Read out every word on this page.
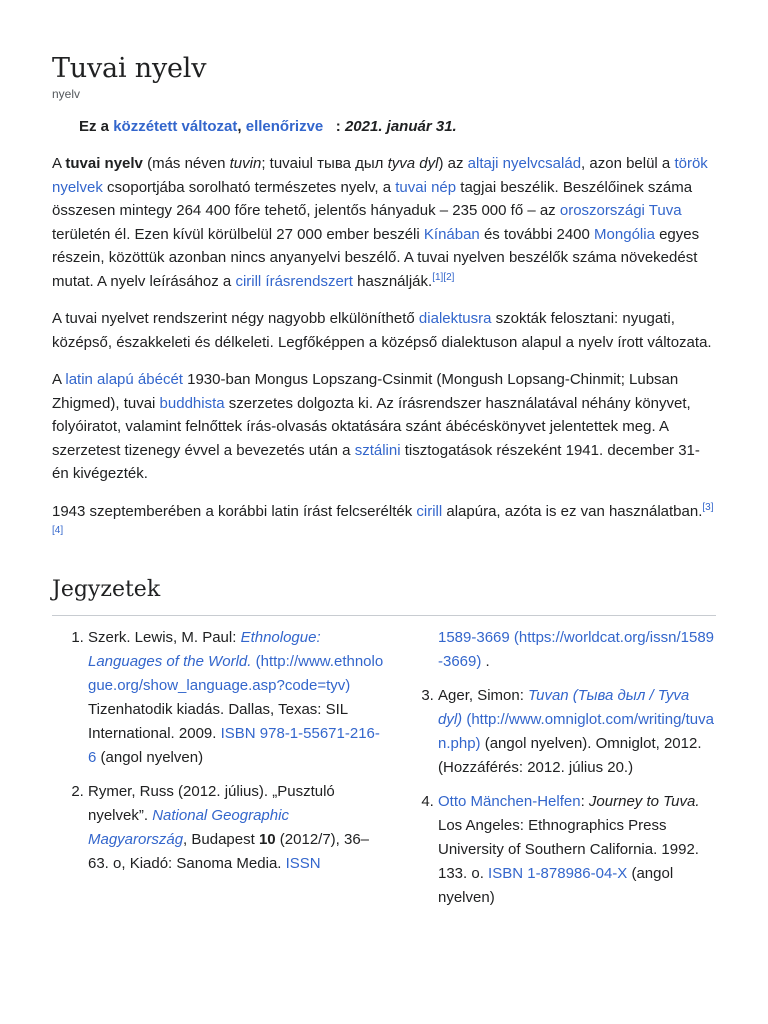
Tuvai nyelv
nyelv
Ez a közzétett változat, ellenőrizve : 2021. január 31.

A tuvai nyelv (más néven tuvin; tuvaiul тыва дыл tyva dyl) az altaji nyelvcsalád, azon belül a török nyelvek csoportjába sorolható természetes nyelv, a tuvai nép tagjai beszélik. Beszélőinek száma összesen mintegy 264 400 főre tehető, jelentős hányaduk – 235 000 fő – az oroszországi Tuva területén él. Ezen kívül körülbelül 27 000 ember beszéli Kínában és további 2400 Mongólia egyes részein, közöttük azonban nincs anyanyelvi beszélő. A tuvai nyelven beszélők száma növekedést mutat. A nyelv leírásához a cirill írásrendszert használják.[1][2]

A tuvai nyelvet rendszerint négy nagyobb elkülöníthető dialektusra szokták felosztani: nyugati, középső, északkeleti és délkeleti. Legfőképpen a középső dialektuson alapul a nyelv írott változata.

A latin alapú ábécét 1930-ban Mongus Lopszang-Csinmit (Mongush Lopsang-Chinmit; Lubsan Zhigmed), tuvai buddhista szerzetes dolgozta ki. Az írásrendszer használatával néhány könyvet, folyóiratot, valamint felnőttek írás-olvasás oktatására szánt ábécéskönyvet jelentettek meg. A szerzetest tizenegy évvel a bevezetés után a sztálini tisztogatások részeként 1941. december 31-én kivégezték.

1943 szeptemberében a korábbi latin írást felcserélték cirill alapúra, azóta is ez van használatban.[3][4]

Jegyzetek
1. Szerk. Lewis, M. Paul: Ethnologue: Languages of the World. (http://www.ethnologue.org/show_language.asp?code=tyv) Tizenhatodik kiadás. Dallas, Texas: SIL International. 2009. ISBN 978-1-55671-216-6 (angol nyelven)
2. Rymer, Russ (2012. július). „Pusztuló nyelvek”. National Geographic Magyarország, Budapest 10 (2012/7), 36–63. o, Kiadó: Sanoma Media. ISSN
1589-3669 (https://worldcat.org/issn/1589-3669) .
3. Ager, Simon: Tuvan (Тыва дыл / Tyva dyl) (http://www.omniglot.com/writing/tuvan.php) (angol nyelven). Omniglot, 2012. (Hozzáférés: 2012. július 20.)
4. Otto Mänchen-Helfen: Journey to Tuva. Los Angeles: Ethnographics Press University of Southern California. 1992. 133. o. ISBN 1-878986-04-X (angol nyelven)
